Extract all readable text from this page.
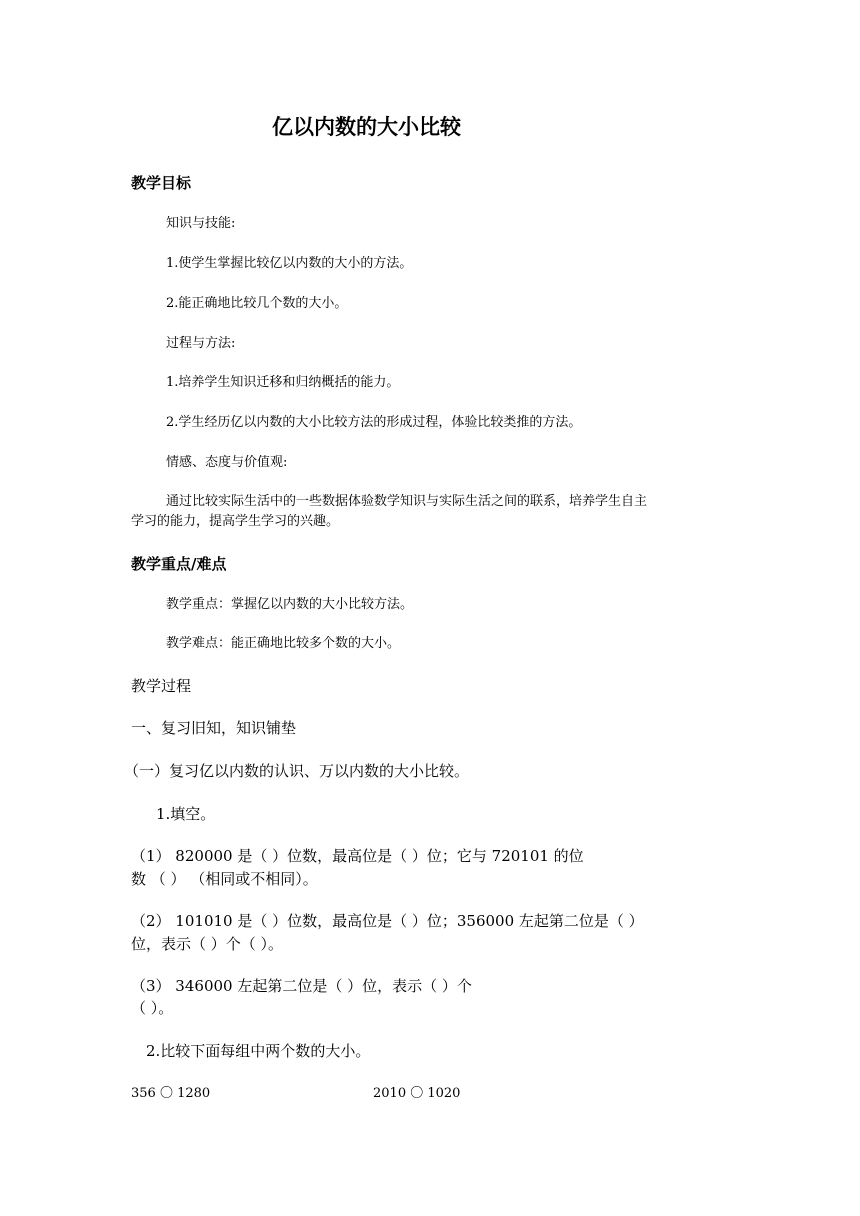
亿以内数的大小比较
教学目标
知识与技能:
1.使学生掌握比较亿以内数的大小的方法。
2.能正确地比较几个数的大小。
过程与方法:
1.培养学生知识迁移和归纳概括的能力。
2.学生经历亿以内数的大小比较方法的形成过程，体验比较类推的方法。
情感、态度与价值观:
通过比较实际生活中的一些数据体验数学知识与实际生活之间的联系，培养学生自主
学习的能力，提高学生学习的兴趣。
教学重点/难点
教学重点：掌握亿以内数的大小比较方法。
教学难点：能正确地比较多个数的大小。
教学过程
一、复习旧知，知识铺垫
（一）复习亿以内数的认识、万以内数的大小比较。
1.填空。
（1） 820000 是（ ）位数，最高位是（ ）位；它与 720101 的位
数 （ ） （相同或不相同）。
（2） 101010 是（ ）位数，最高位是（ ）位；356000 左起第二位是（ ）
位，表示（ ）个（ ）。
（3） 346000 左起第二位是（ ）位，表示（ ）个
（ ）。
2.比较下面每组中两个数的大小。
356 〇 1280	2010 〇 1020
